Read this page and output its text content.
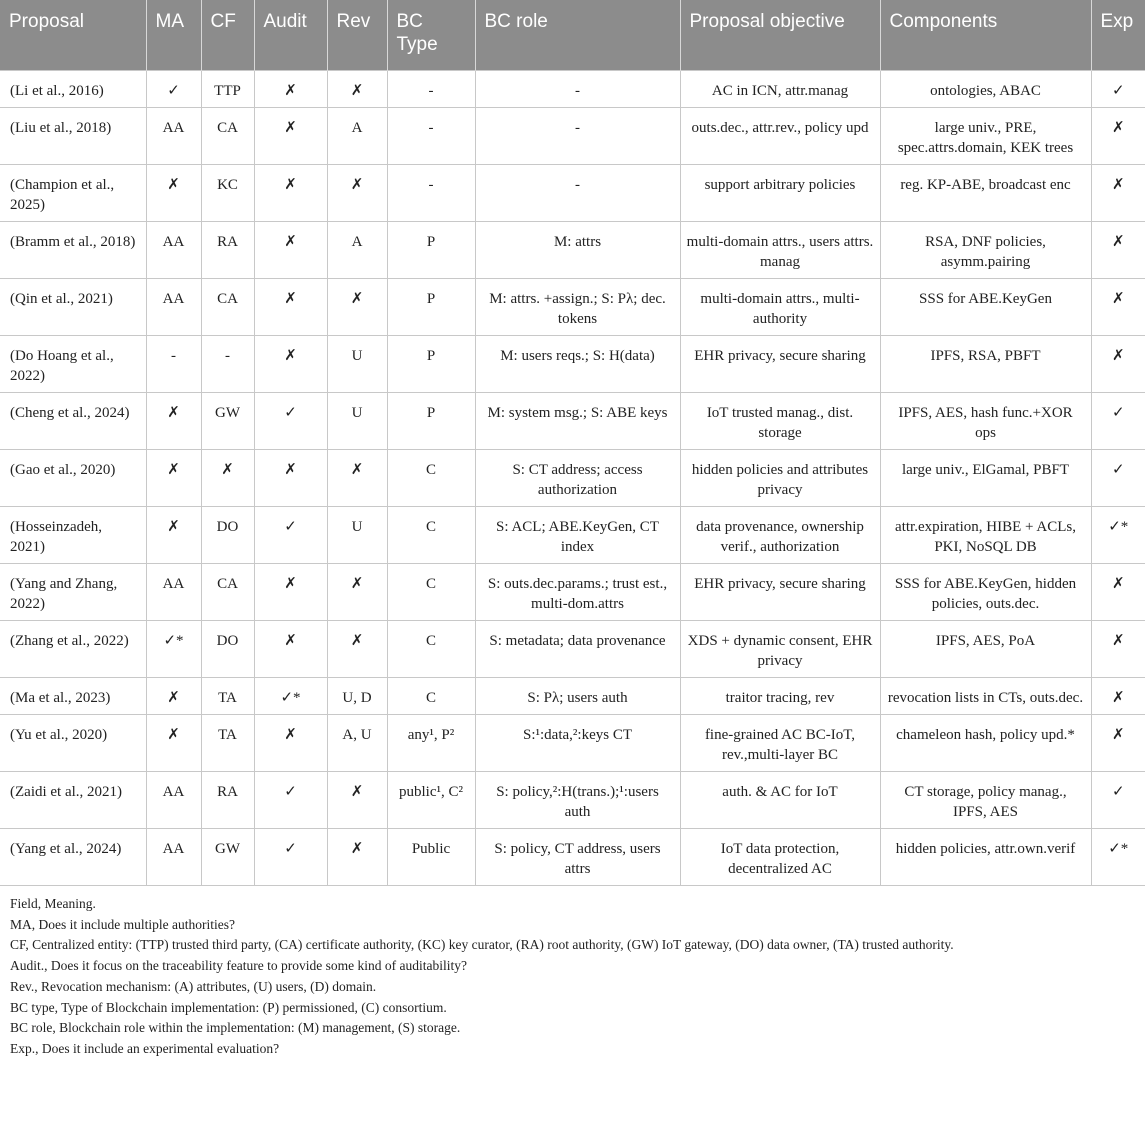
Proposal	MA	CF	Audit	Rev	BC Type	BC role	Proposal objective	Components	Exp
(Li et al., 2016)	✓	TTP	✗	✗	-	-	AC in ICN, attr.manag	ontologies, ABAC	✓
(Liu et al., 2018)	AA	CA	✗	A	-	-	outs.dec., attr.rev., policy upd	large univ., PRE, spec.attrs.domain, KEK trees	✗
(Champion et al., 2025)	✗	KC	✗	✗	-	-	support arbitrary policies	reg. KP-ABE, broadcast enc	✗
(Bramm et al., 2018)	AA	RA	✗	A	P	M: attrs	multi-domain attrs., users attrs. manag	RSA, DNF policies, asymm.pairing	✗
(Qin et al., 2021)	AA	CA	✗	✗	P	M: attrs. +assign.; S: Pλ; dec. tokens	multi-domain attrs., multi-authority	SSS for ABE.KeyGen	✗
(Do Hoang et al., 2022)	-	-	✗	U	P	M: users reqs.; S: H(data)	EHR privacy, secure sharing	IPFS, RSA, PBFT	✗
(Cheng et al., 2024)	✗	GW	✓	U	P	M: system msg.; S: ABE keys	IoT trusted manag., dist. storage	IPFS, AES, hash func.+XOR ops	✓
(Gao et al., 2020)	✗	✗	✗	✗	C	S: CT address; access authorization	hidden policies and attributes privacy	large univ., ElGamal, PBFT	✓
(Hosseinzadeh, 2021)	✗	DO	✓	U	C	S: ACL; ABE.KeyGen, CT index	data provenance, ownership verif., authorization	attr.expiration, HIBE + ACLs, PKI, NoSQL DB	✓*
(Yang and Zhang, 2022)	AA	CA	✗	✗	C	S: outs.dec.params.; trust est., multi-dom.attrs	EHR privacy, secure sharing	SSS for ABE.KeyGen, hidden policies, outs.dec.	✗
(Zhang et al., 2022)	✓*	DO	✗	✗	C	S: metadata; data provenance	XDS + dynamic consent, EHR privacy	IPFS, AES, PoA	✗
(Ma et al., 2023)	✗	TA	✓*	U, D	C	S: Pλ; users auth	traitor tracing, rev	revocation lists in CTs, outs.dec.	✗
(Yu et al., 2020)	✗	TA	✗	A, U	any¹, P²	S:¹:data,²:keys CT	fine-grained AC BC-IoT, rev.,multi-layer BC	chameleon hash, policy upd.*	✗
(Zaidi et al., 2021)	AA	RA	✓	✗	public¹, C²	S: policy,²:H(trans.);¹:users auth	auth. & AC for IoT	CT storage, policy manag., IPFS, AES	✓
(Yang et al., 2024)	AA	GW	✓	✗	Public	S: policy, CT address, users attrs	IoT data protection, decentralized AC	hidden policies, attr.own.verif	✓*
Field, Meaning.
MA, Does it include multiple authorities?
CF, Centralized entity: (TTP) trusted third party, (CA) certificate authority, (KC) key curator, (RA) root authority, (GW) IoT gateway, (DO) data owner, (TA) trusted authority.
Audit., Does it focus on the traceability feature to provide some kind of auditability?
Rev., Revocation mechanism: (A) attributes, (U) users, (D) domain.
BC type, Type of Blockchain implementation: (P) permissioned, (C) consortium.
BC role, Blockchain role within the implementation: (M) management, (S) storage.
Exp., Does it include an experimental evaluation?
